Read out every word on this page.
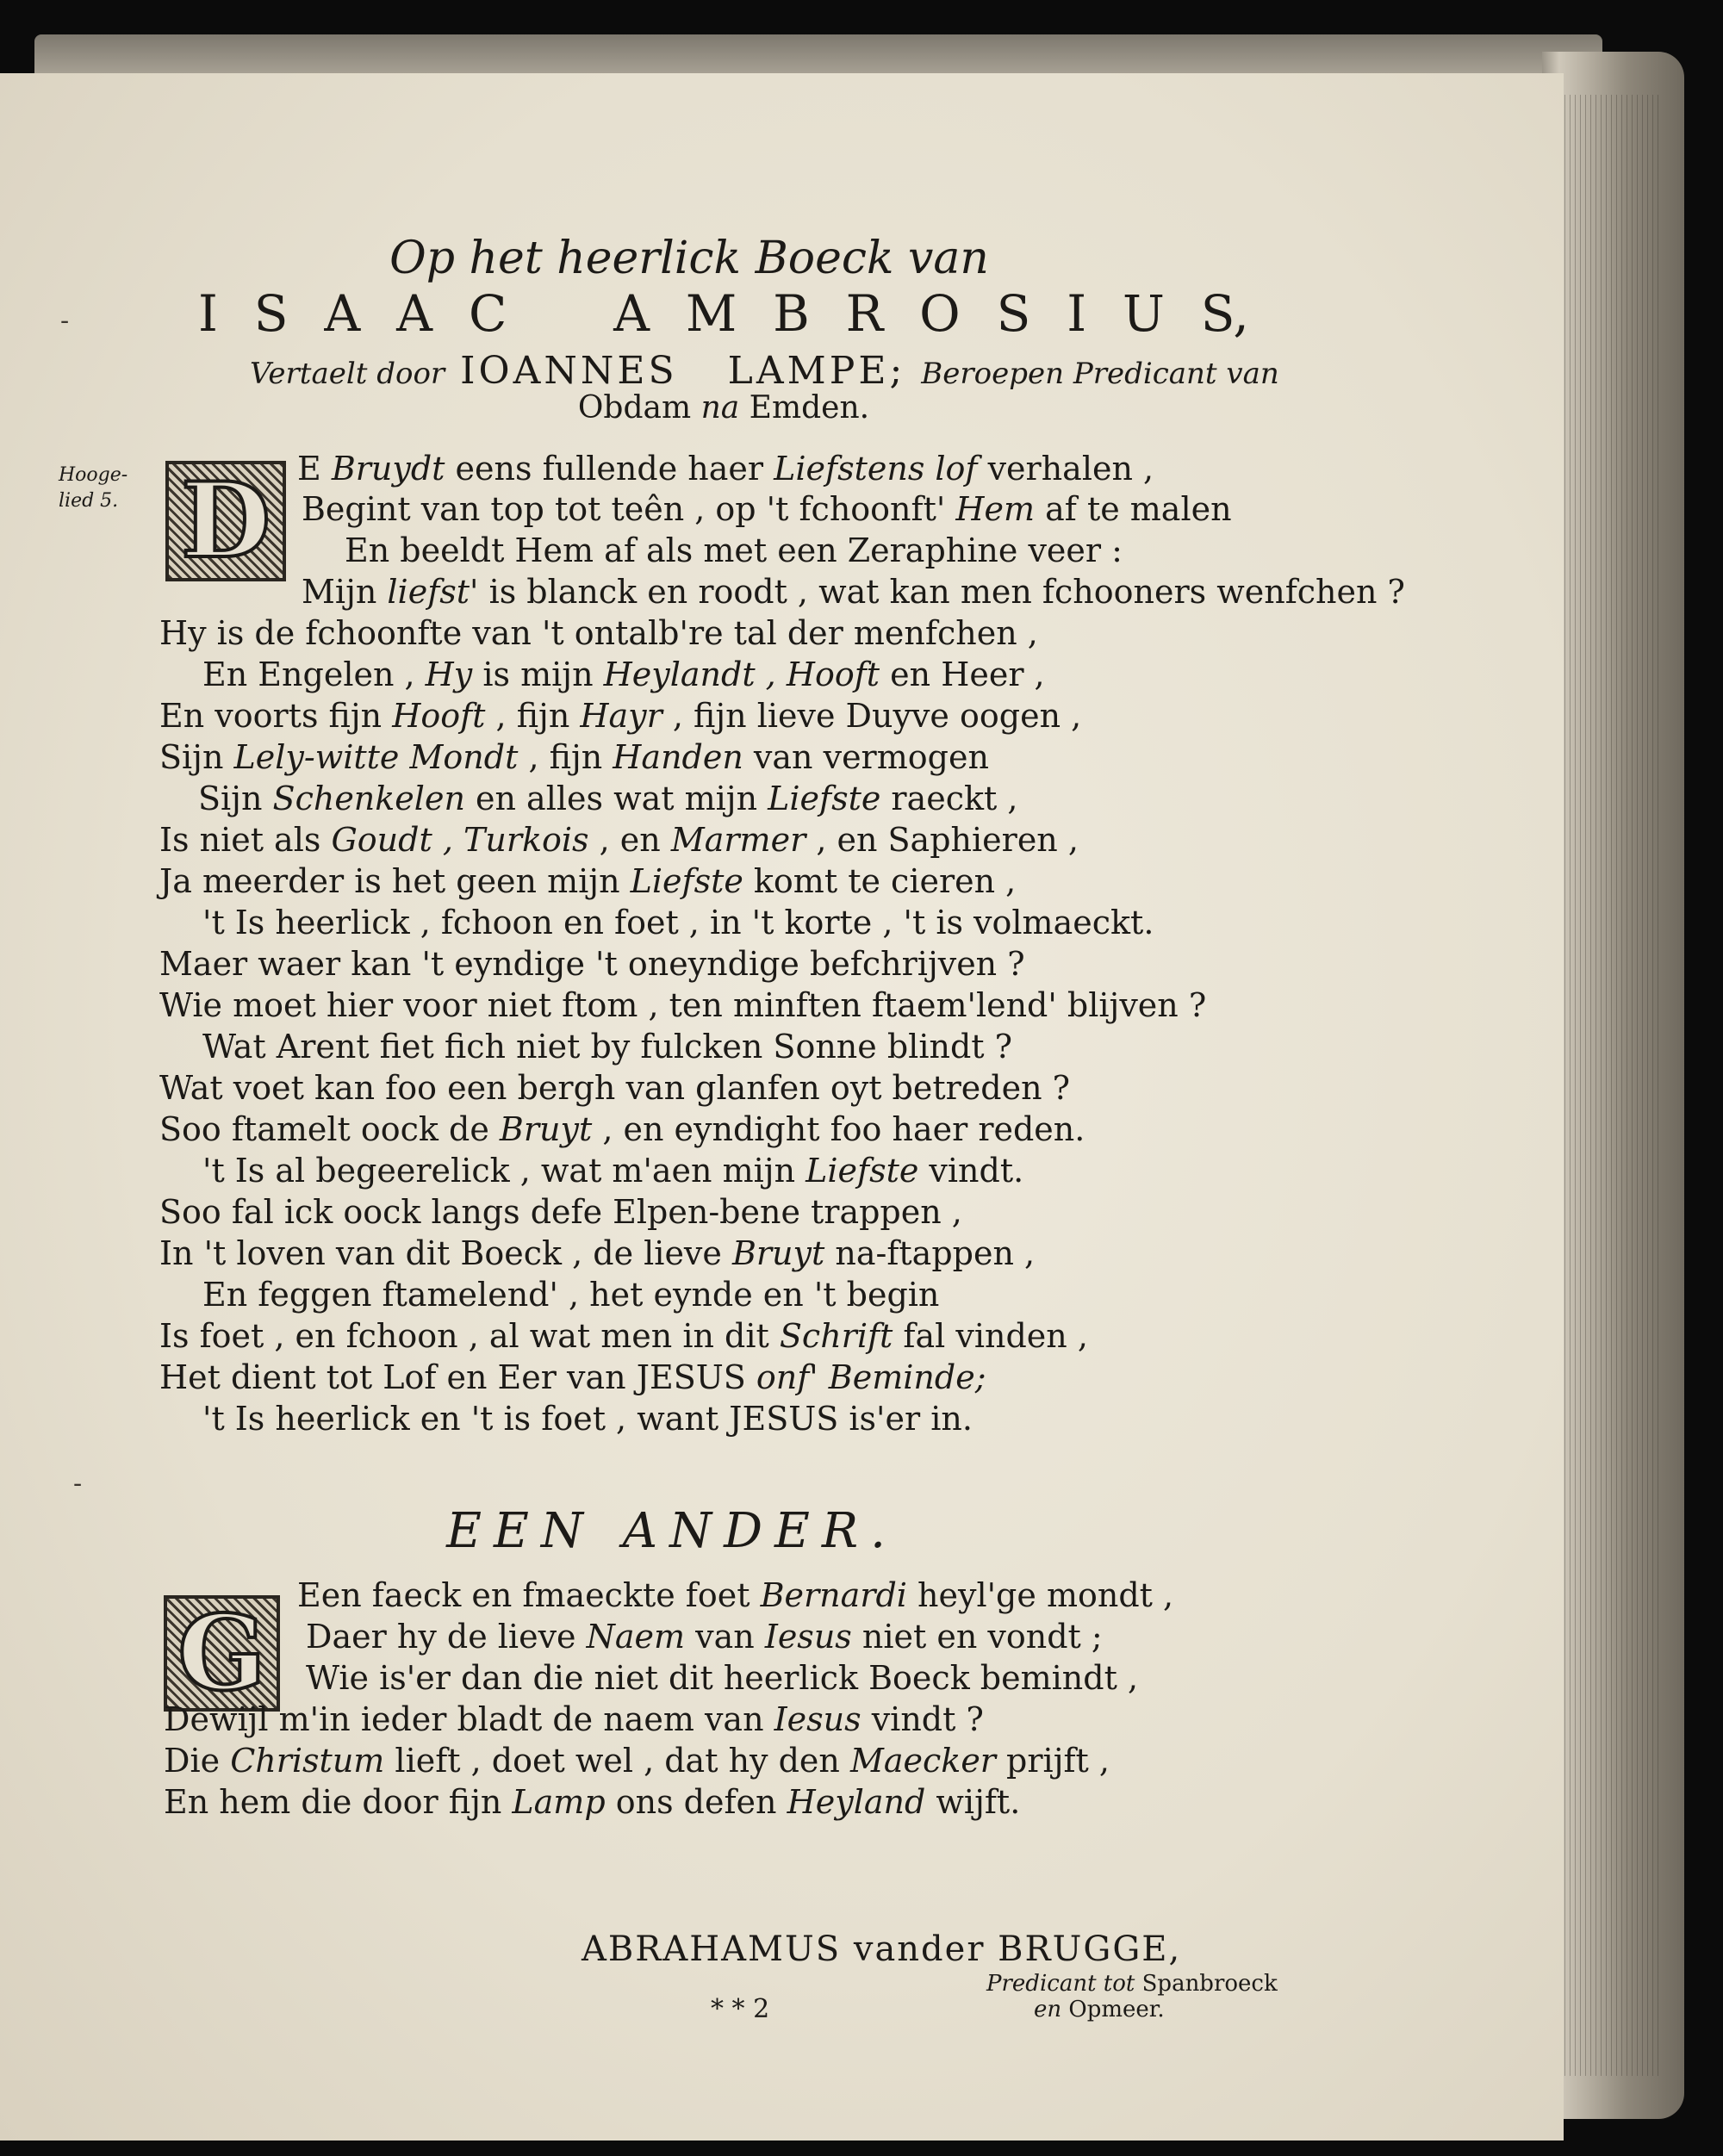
Op het heerlick Boeck van
I S A A C A M B R O S I U S,
Vertaelt door IOANNES LAMPE; Beroepen Predicant van
Obdam na Emden.
Hooge-
lied 5. D E Bruydt eens fullende haer Liefstens lof verhalen ,
Begint van top tot teên , op 't fchoonft' Hem af te malen
En beeldt Hem af als met een Zeraphine veer :
Mijn liefst' is blanck en roodt , wat kan men fchooners wenfchen ?
Hy is de fchoonfte van 't ontalb're tal der menfchen ,
En Engelen , Hy is mijn Heylandt , Hooft en Heer ,
En voorts fijn Hooft , fijn Hayr , fijn lieve Duyve oogen ,
Sijn Lely-witte Mondt , fijn Handen van vermogen
Sijn Schenkelen en alles wat mijn Liefste raeckt ,
Is niet als Goudt , Turkois , en Marmer , en Saphieren ,
Ja meerder is het geen mijn Liefste komt te cieren ,
't Is heerlick , fchoon en foet , in 't korte , 't is volmaeckt.
Maer waer kan 't eyndige 't oneyndige befchrijven ?
Wie moet hier voor niet ftom , ten minften ftaem'lend' blijven ?
Wat Arent fiet fich niet by fulcken Sonne blindt ?
Wat voet kan foo een bergh van glanfen oyt betreden ?
Soo ftamelt oock de Bruyt , en eyndight foo haer reden.
't Is al begeerelick , wat m'aen mijn Liefste vindt.
Soo fal ick oock langs defe Elpen-bene trappen ,
In 't loven van dit Boeck , de lieve Bruyt na-ftappen ,
En feggen ftamelend' , het eynde en 't begin
Is foet , en fchoon , al wat men in dit Schrift fal vinden ,
Het dient tot Lof en Eer van JESUS onf' Beminde;
't Is heerlick en 't is foet , want JESUS is'er in.
EEN ANDER.
G Een faeck en fmaeckte foet Bernardi heyl'ge mondt ,
Daer hy de lieve Naem van Iesus niet en vondt ;
Wie is'er dan die niet dit heerlick Boeck bemindt ,
Dewijl m'in ieder bladt de naem van Iesus vindt ?
Die Christum lieft , doet wel , dat hy den Maecker prijft ,
En hem die door fijn Lamp ons defen Heyland wijft.
ABRAHAMUS vander BRUGGE,
Predicant tot Spanbroeck
en Opmeer.
* * 2
-
-
